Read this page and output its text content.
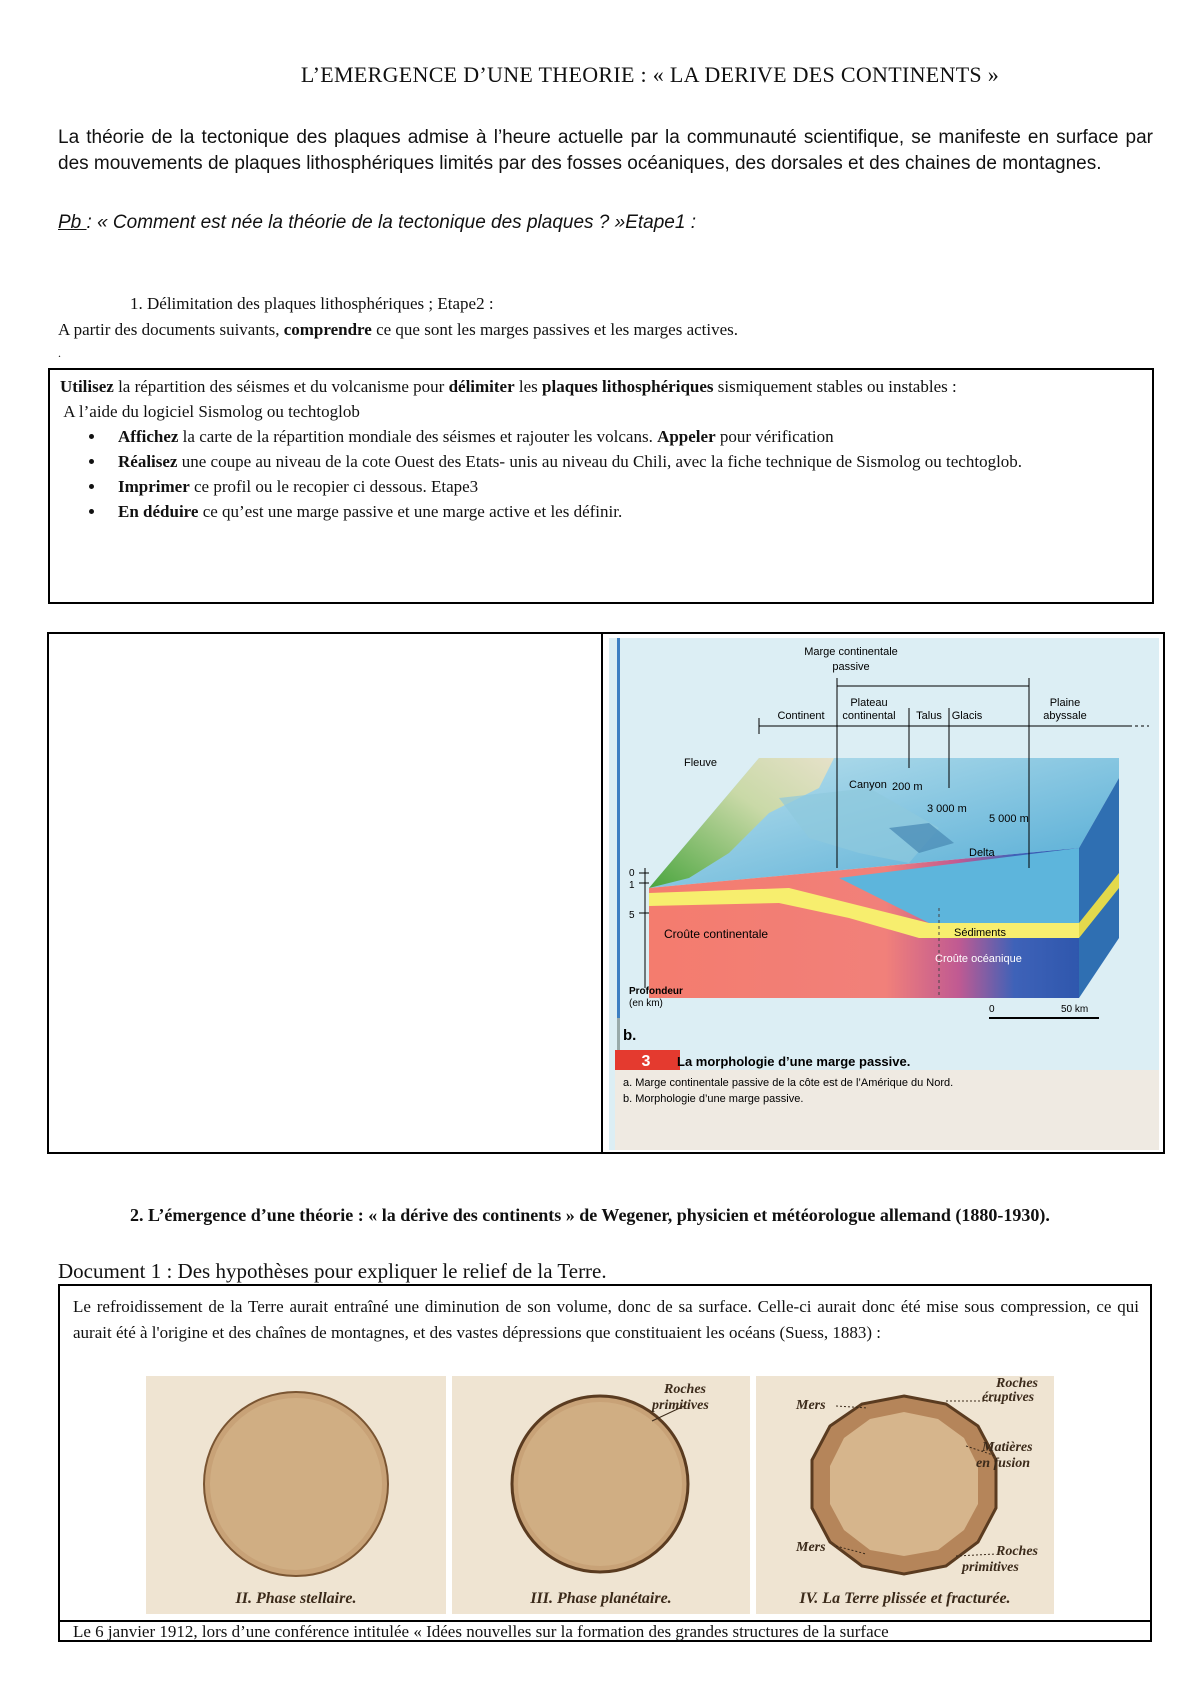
L’EMERGENCE D’UNE THEORIE : « LA DERIVE DES CONTINENTS »
La théorie de la tectonique des plaques admise à l’heure actuelle par la communauté scientifique, se manifeste en surface par des mouvements de plaques lithosphériques limités par des fosses océaniques, des dorsales et des chaines de montagnes.
Pb : « Comment est née la théorie de la tectonique des plaques ? »Etape1 :
1. Délimitation des plaques lithosphériques ; Etape2 :
A partir des documents suivants, comprendre ce que sont les marges passives et les marges actives.
.
Utilisez la répartition des séismes et du volcanisme pour délimiter les plaques lithosphériques sismiquement stables ou instables :
A l’aide du logiciel Sismolog ou techtoglob
• Affichez la carte de la répartition mondiale des séismes et rajouter les volcans. Appeler pour vérification
• Réalisez une coupe au niveau de la cote Ouest des Etats- unis au niveau du Chili, avec la fiche technique de Sismolog ou techtoglob.
• Imprimer ce profil ou le recopier ci dessous. Etape3
• En déduire ce qu’est une marge passive et une marge active et les définir.
3
Marge continentale
passive
Continent
Plateau
continental Talus Glacis
Plaine
abyssale
Fleuve
Canyon 200 m
3 000 m
5 000 m
Delta
0
1
5
Croûte continentale	Sédiments
Croûte océanique
Profondeur
(en km)
0	50 km
b.
La morphologie d’une marge passive.
a. Marge continentale passive de la côte est de l’Amérique du Nord.
b. Morphologie d’une marge passive.
2. L’émergence d’une théorie : « la dérive des continents » de Wegener, physicien et météorologue allemand (1880-1930).
Document 1 : Des hypothèses pour expliquer le relief de la Terre.
Le refroidissement de la Terre aurait entraîné une diminution de son volume, donc de sa surface. Celle-ci aurait donc été mise sous compression, ce qui aurait été à l'origine et des chaînes de montagnes, et des vastes dépressions que constituaient les océans (Suess, 1883) :
II. Phase stellaire.
Roches
primitives
III. Phase planétaire.
Roches
éruptives
Mers
Matières
en fusion
Mers	Roches
primitives
IV. La Terre plissée et fracturée.
Le 6 janvier 1912, lors d’une conférence intitulée « Idées nouvelles sur la formation des grandes structures de la surface
